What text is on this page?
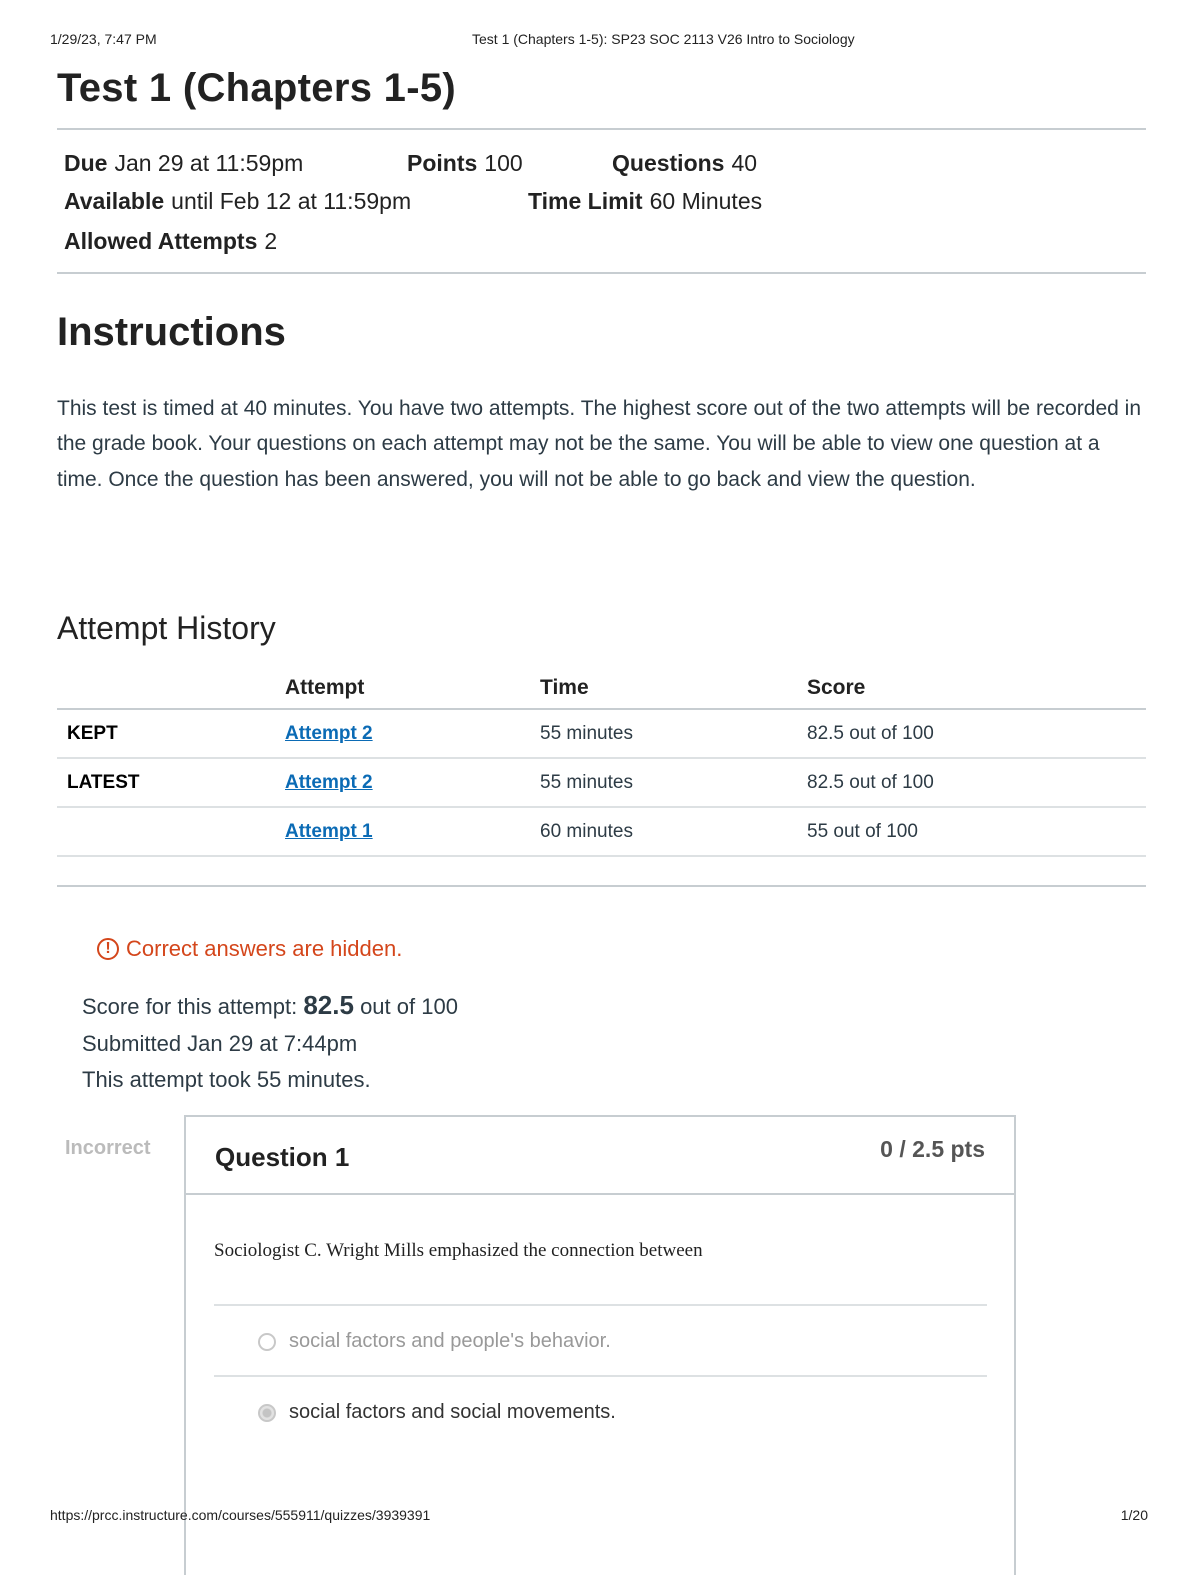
1/29/23, 7:47 PM	Test 1 (Chapters 1-5): SP23 SOC 2113 V26 Intro to Sociology
Test 1 (Chapters 1-5)
Due Jan 29 at 11:59pm	Points 100	Questions 40
Available until Feb 12 at 11:59pm	Time Limit 60 Minutes
Allowed Attempts 2
Instructions

This test is timed at 40 minutes. You have two attempts. The highest score out of the two attempts will be recorded in the grade book. Your questions on each attempt may not be the same. You will be able to view one question at a time. Once the question has been answered, you will not be able to go back and view the question.

Attempt History
	Attempt	Time	Score
KEPT	Attempt 2	55 minutes	82.5 out of 100
LATEST	Attempt 2	55 minutes	82.5 out of 100
	Attempt 1	60 minutes	55 out of 100
! Correct answers are hidden.
Score for this attempt: 82.5 out of 100
Submitted Jan 29 at 7:44pm
This attempt took 55 minutes.
Incorrect Question 1	0 / 2.5 pts
Sociologist C. Wright Mills emphasized the connection between
social factors and people's behavior.
social factors and social movements.
https://prcc.instructure.com/courses/555911/quizzes/3939391	1/20
